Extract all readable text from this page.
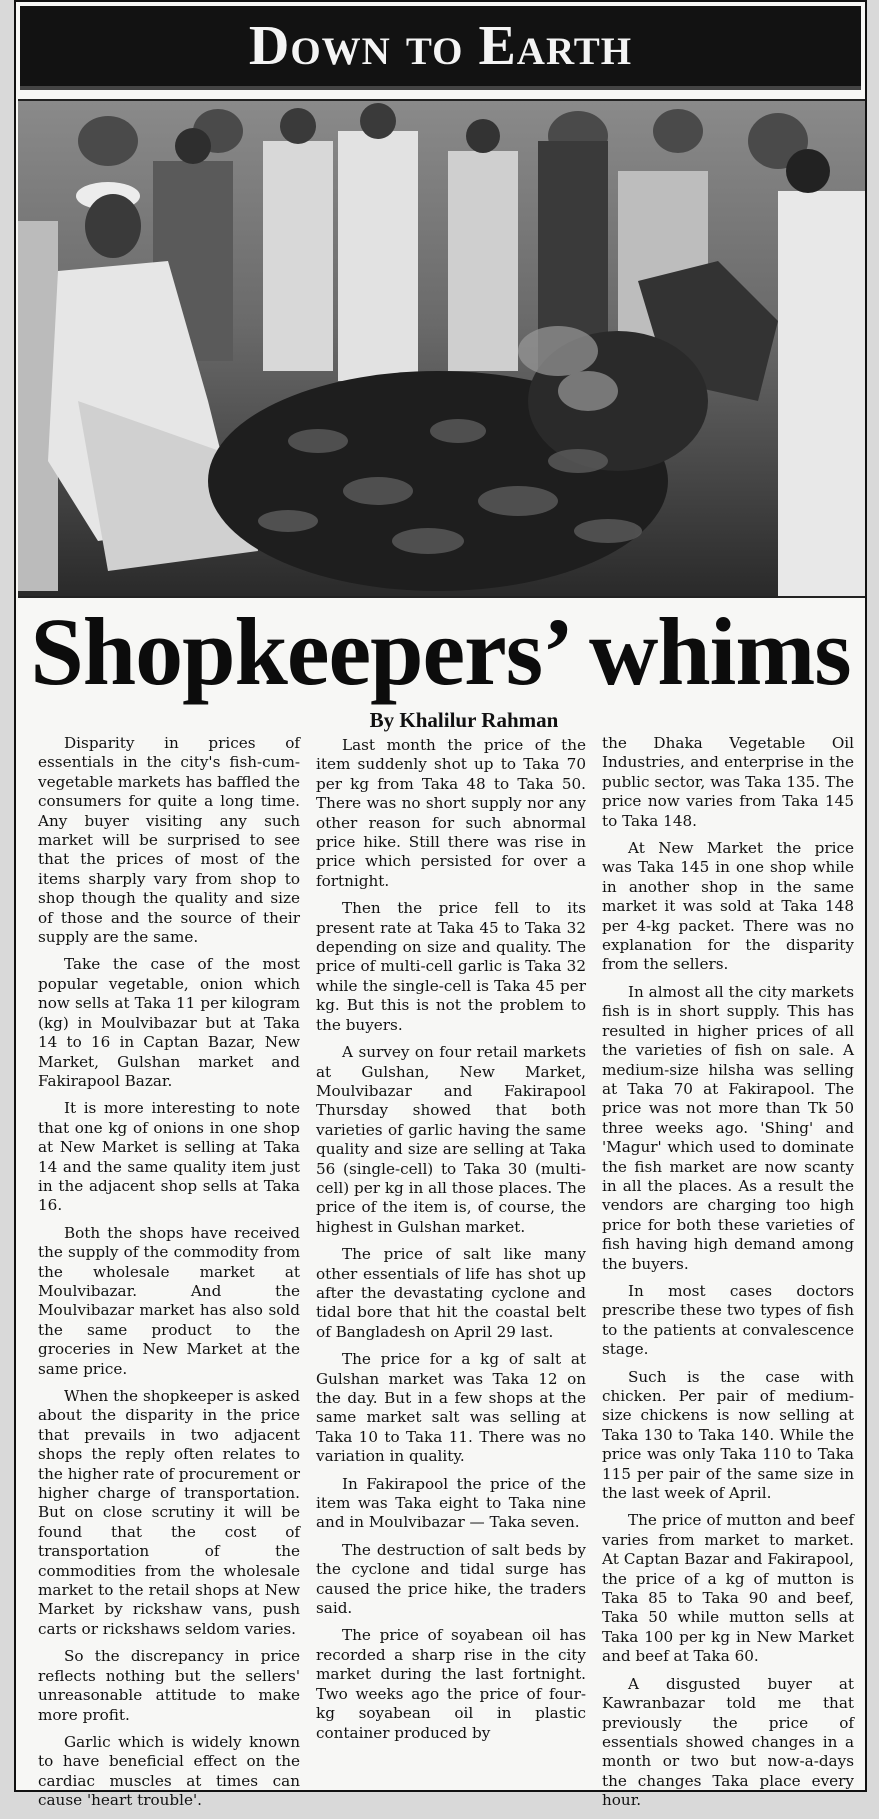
Down to Earth
Shopkeepers’ whims
By Khalilur Rahman

Disparity in prices of essentials in the city's fish-cum-vegetable markets has baffled the consumers for quite a long time. Any buyer visiting any such market will be surprised to see that the prices of most of the items sharply vary from shop to shop though the quality and size of those and the source of their supply are the same.

Take the case of the most popular vegetable, onion which now sells at Taka 11 per kilogram (kg) in Moulvibazar but at Taka 14 to 16 in Captan Bazar, New Market, Gulshan market and Fakirapool Bazar.

It is more interesting to note that one kg of onions in one shop at New Market is selling at Taka 14 and the same quality item just in the adjacent shop sells at Taka 16.

Both the shops have received the supply of the commodity from the wholesale market at Moulvibazar. And the Moulvibazar market has also sold the same product to the groceries in New Market at the same price.

When the shopkeeper is asked about the disparity in the price that prevails in two adjacent shops the reply often relates to the higher rate of procurement or higher charge of transportation. But on close scrutiny it will be found that the cost of transportation of the commodities from the wholesale market to the retail shops at New Market by rickshaw vans, push carts or rickshaws seldom varies.

So the discrepancy in price reflects nothing but the sellers' unreasonable attitude to make more profit.

Garlic which is widely known to have beneficial effect on the cardiac muscles at times can cause 'heart trouble'.

Last month the price of the item suddenly shot up to Taka 70 per kg from Taka 48 to Taka 50. There was no short supply nor any other reason for such abnormal price hike. Still there was rise in price which persisted for over a fortnight.

Then the price fell to its present rate at Taka 45 to Taka 32 depending on size and quality. The price of multi-cell garlic is Taka 32 while the single-cell is Taka 45 per kg. But this is not the problem to the buyers.

A survey on four retail markets at Gulshan, New Market, Moulvibazar and Fakirapool Thursday showed that both varieties of garlic having the same quality and size are selling at Taka 56 (single-cell) to Taka 30 (multi-cell) per kg in all those places. The price of the item is, of course, the highest in Gulshan market.

The price of salt like many other essentials of life has shot up after the devastating cyclone and tidal bore that hit the coastal belt of Bangladesh on April 29 last.

The price for a kg of salt at Gulshan market was Taka 12 on the day. But in a few shops at the same market salt was selling at Taka 10 to Taka 11. There was no variation in quality.

In Fakirapool the price of the item was Taka eight to Taka nine and in Moulvibazar — Taka seven.

The destruction of salt beds by the cyclone and tidal surge has caused the price hike, the traders said.

The price of soyabean oil has recorded a sharp rise in the city market during the last fortnight. Two weeks ago the price of four-kg soyabean oil in plastic container produced by

the Dhaka Vegetable Oil Industries, and enterprise in the public sector, was Taka 135. The price now varies from Taka 145 to Taka 148.

At New Market the price was Taka 145 in one shop while in another shop in the same market it was sold at Taka 148 per 4-kg packet. There was no explanation for the disparity from the sellers.

In almost all the city markets fish is in short supply. This has resulted in higher prices of all the varieties of fish on sale. A medium-size hilsha was selling at Taka 70 at Fakirapool. The price was not more than Tk 50 three weeks ago. 'Shing' and 'Magur' which used to dominate the fish market are now scanty in all the places. As a result the vendors are charging too high price for both these varieties of fish having high demand among the buyers.

In most cases doctors prescribe these two types of fish to the patients at convalescence stage.

Such is the case with chicken. Per pair of medium-size chickens is now selling at Taka 130 to Taka 140. While the price was only Taka 110 to Taka 115 per pair of the same size in the last week of April.

The price of mutton and beef varies from market to market. At Captan Bazar and Fakirapool, the price of a kg of mutton is Taka 85 to Taka 90 and beef, Taka 50 while mutton sells at Taka 100 per kg in New Market and beef at Taka 60.

A disgusted buyer at Kawranbazar told me that previously the price of essentials showed changes in a month or two but now-a-days the changes Taka place every hour.
